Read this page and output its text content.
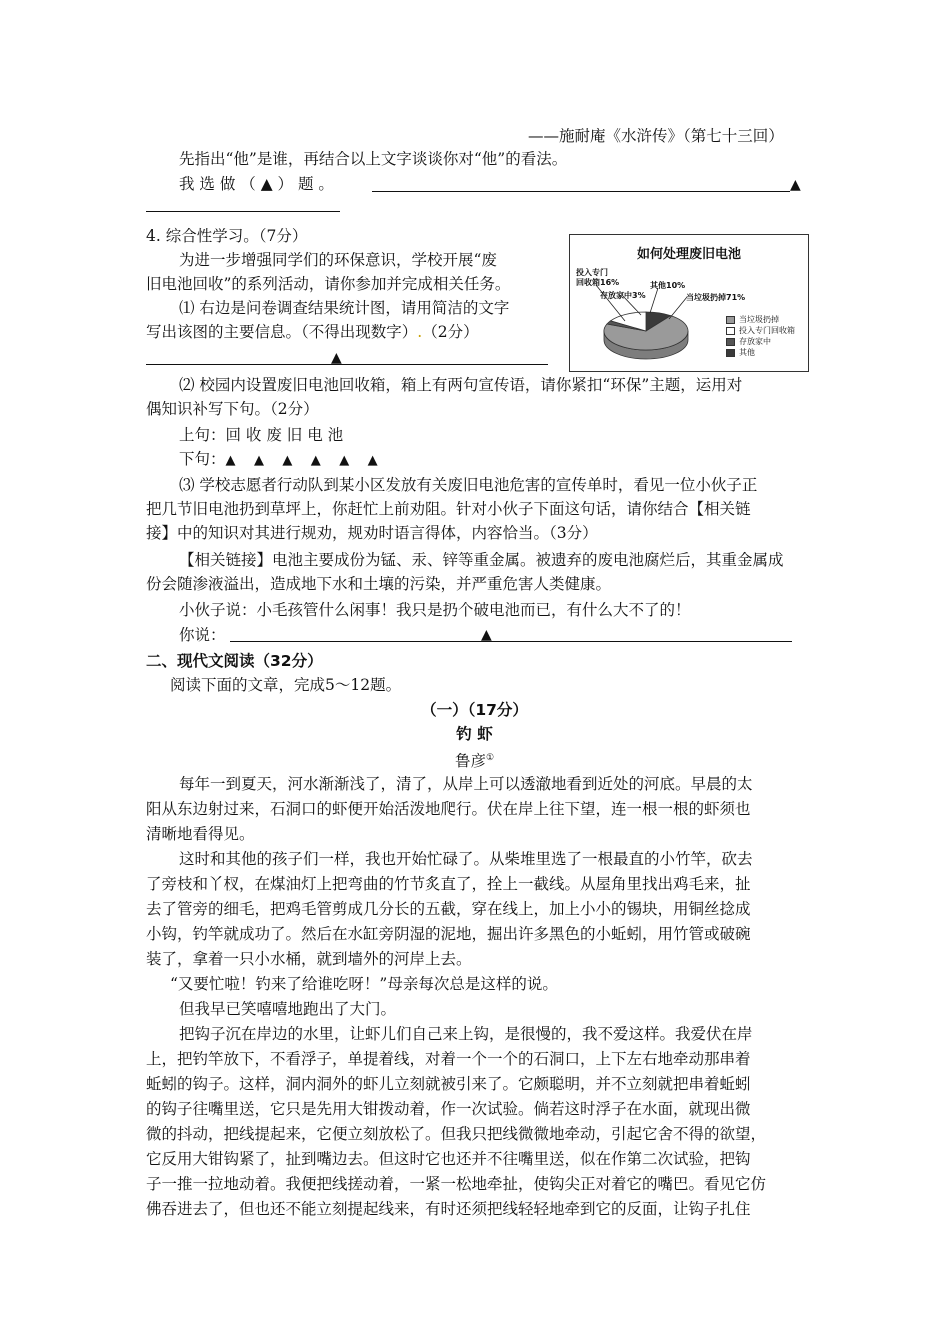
——施耐庵《水浒传》（第七十三回）
先指出“他”是谁，再结合以上文字谈谈你对“他”的看法。
我 选 做 （ ▲ ） 题 。	▲
4. 综合性学习。（7分）
为进一步增强同学们的环保意识，学校开展“废
旧电池回收”的系列活动，请你参加并完成相关任务。
⑴ 右边是问卷调查结果统计图，请用简洁的文字
写出该图的主要信息。（不得出现数字）.（2分）
▲
如何处理废旧电池
投入专门
回收箱16%
存放家中3%
其他10%
当垃圾扔掉71%
当垃圾扔掉
投入专门回收箱
存放家中
其他
⑵ 校园内设置废旧电池回收箱，箱上有两句宣传语，请你紧扣“环保”主题，运用对
偶知识补写下句。（2分）
上句：回 收 废 旧 电 池
下句：▲ ▲ ▲ ▲ ▲ ▲
⑶ 学校志愿者行动队到某小区发放有关废旧电池危害的宣传单时，看见一位小伙子正
把几节旧电池扔到草坪上，你赶忙上前劝阻。针对小伙子下面这句话，请你结合【相关链
接】中的知识对其进行规劝，规劝时语言得体，内容恰当。（3分）
【相关链接】电池主要成份为锰、汞、锌等重金属。被遗弃的废电池腐烂后，其重金属成
份会随渗液溢出，造成地下水和土壤的污染，并严重危害人类健康。
小伙子说：小毛孩管什么闲事！我只是扔个破电池而已，有什么大不了的！
你说：	▲
二、现代文阅读（32分）
阅读下面的文章，完成5～12题。
（一）（17分）
钓 虾
鲁彦①
每年一到夏天，河水渐渐浅了，清了，从岸上可以透澈地看到近处的河底。早晨的太
阳从东边射过来，石洞口的虾便开始活泼地爬行。伏在岸上往下望，连一根一根的虾须也
清晰地看得见。
这时和其他的孩子们一样，我也开始忙碌了。从柴堆里选了一根最直的小竹竿，砍去
了旁枝和丫杈，在煤油灯上把弯曲的竹节炙直了，拴上一截线。从屋角里找出鸡毛来，扯
去了管旁的细毛，把鸡毛管剪成几分长的五截，穿在线上，加上小小的锡块，用铜丝捻成
小钩，钓竿就成功了。然后在水缸旁阴湿的泥地，掘出许多黑色的小蚯蚓，用竹管或破碗
装了，拿着一只小水桶，就到墙外的河岸上去。
“又要忙啦！钓来了给谁吃呀！”母亲每次总是这样的说。
但我早已笑嘻嘻地跑出了大门。
把钩子沉在岸边的水里，让虾儿们自己来上钩，是很慢的，我不爱这样。我爱伏在岸
上，把钓竿放下，不看浮子，单提着线，对着一个一个的石洞口，上下左右地牵动那串着
蚯蚓的钩子。这样，洞内洞外的虾儿立刻就被引来了。它颇聪明，并不立刻就把串着蚯蚓
的钩子往嘴里送，它只是先用大钳拨动着，作一次试验。倘若这时浮子在水面，就现出微
微的抖动，把线提起来，它便立刻放松了。但我只把线微微地牵动，引起它舍不得的欲望，
它反用大钳钩紧了，扯到嘴边去。但这时它也还并不往嘴里送，似在作第二次试验，把钩
子一推一拉地动着。我便把线搓动着，一紧一松地牵扯，使钩尖正对着它的嘴巴。看见它仿
佛吞进去了，但也还不能立刻提起线来，有时还须把线轻轻地牵到它的反面，让钩子扎住
